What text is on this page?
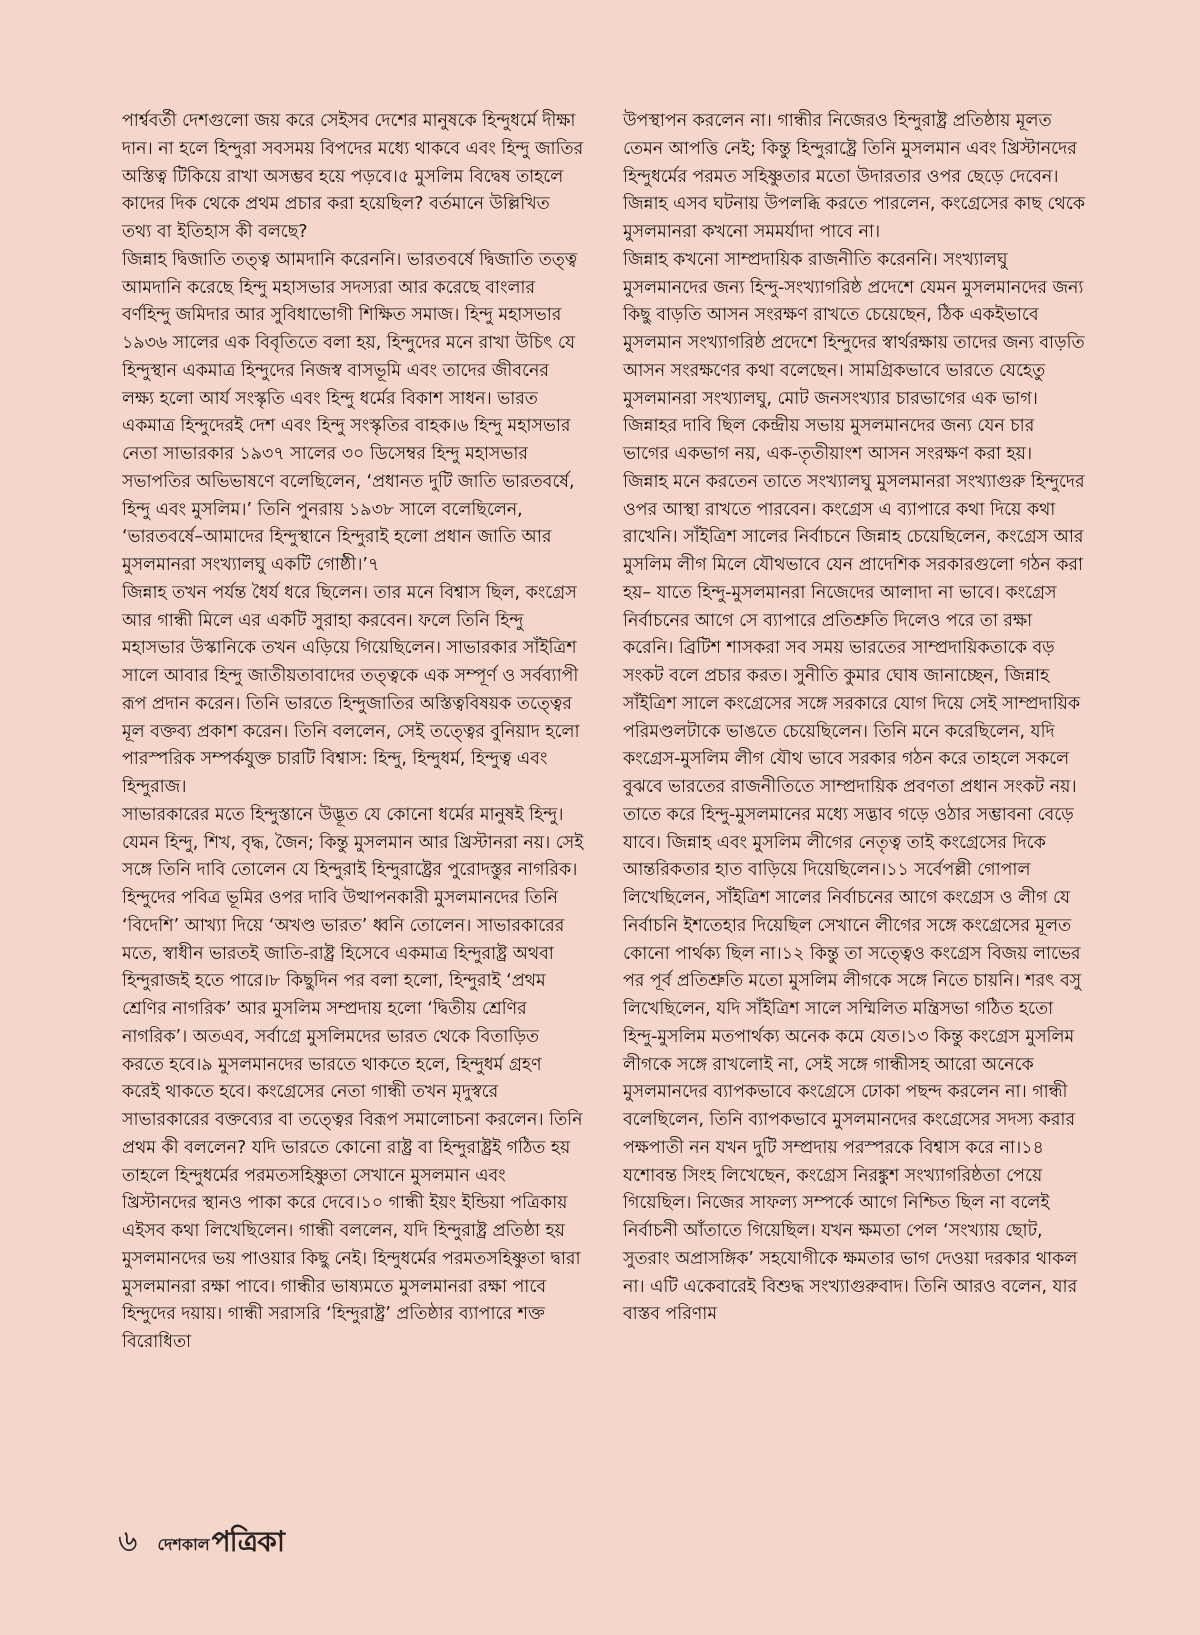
পার্শ্ববর্তী দেশগুলো জয় করে সেইসব দেশের মানুষকে হিন্দুধর্মে দীক্ষা দান। না হলে হিন্দুরা সবসময় বিপদের মধ্যে থাকবে এবং হিন্দু জাতির অস্তিত্ব টিকিয়ে রাখা অসম্ভব হয়ে পড়বে।৫ মুসলিম বিদ্বেষ তাহলে কাদের দিক থেকে প্রথম প্রচার করা হয়েছিল? বর্তমানে উল্লিখিত তথ্য বা ইতিহাস কী বলছে?

জিন্নাহ দ্বিজাতি তত্ত্ব আমদানি করেননি। ভারতবর্ষে দ্বিজাতি তত্ত্ব আমদানি করেছে হিন্দু মহাসভার সদস্যরা আর করেছে বাংলার বর্ণহিন্দু জমিদার আর সুবিধাভোগী শিক্ষিত সমাজ। হিন্দু মহাসভার ১৯৩৬ সালের এক বিবৃতিতে বলা হয়, হিন্দুদের মনে রাখা উচিৎ যে হিন্দুস্থান একমাত্র হিন্দুদের নিজস্ব বাসভূমি এবং তাদের জীবনের লক্ষ্য হলো আর্য সংস্কৃতি এবং হিন্দু ধর্মের বিকাশ সাধন। ভারত একমাত্র হিন্দুদেরই দেশ এবং হিন্দু সংস্কৃতির বাহক।৬ হিন্দু মহাসভার নেতা সাভারকার ১৯৩৭ সালের ৩০ ডিসেম্বর হিন্দু মহাসভার সভাপতির অভিভাষণে বলেছিলেন, ‘প্রধানত দুটি জাতি ভারতবর্ষে, হিন্দু এবং মুসলিম।’ তিনি পুনরায় ১৯৩৮ সালে বলেছিলেন, ‘ভারতবর্ষে–আমাদের হিন্দুস্থানে হিন্দুরাই হলো প্রধান জাতি আর মুসলমানরা সংখ্যালঘু একটি গোষ্ঠী।’৭

জিন্নাহ তখন পর্যন্ত ধৈর্য ধরে ছিলেন। তার মনে বিশ্বাস ছিল, কংগ্রেস আর গান্ধী মিলে এর একটি সুরাহা করবেন। ফলে তিনি হিন্দু মহাসভার উস্কানিকে তখন এড়িয়ে গিয়েছিলেন। সাভারকার সাঁইত্রিশ সালে আবার হিন্দু জাতীয়তাবাদের তত্ত্বকে এক সম্পূর্ণ ও সর্বব্যাপী রূপ প্রদান করেন। তিনি ভারতে হিন্দুজাতির অস্তিত্ববিষয়ক তত্ত্বের মূল বক্তব্য প্রকাশ করেন। তিনি বললেন, সেই তত্ত্বের বুনিয়াদ হলো পারস্পরিক সম্পর্কযুক্ত চারটি বিশ্বাস: হিন্দু, হিন্দুধর্ম, হিন্দুত্ব এবং হিন্দুরাজ।

সাভারকারের মতে হিন্দুস্তানে উদ্ভূত যে কোনো ধর্মের মানুষই হিন্দু। যেমন হিন্দু, শিখ, বৃদ্ধ, জৈন; কিন্তু মুসলমান আর খ্রিস্টানরা নয়। সেই সঙ্গে তিনি দাবি তোলেন যে হিন্দুরাই হিন্দুরাষ্ট্রের পুরোদস্তুর নাগরিক। হিন্দুদের পবিত্র ভূমির ওপর দাবি উত্থাপনকারী মুসলমানদের তিনি ‘বিদেশি’ আখ্যা দিয়ে ‘অখণ্ড ভারত’ ধ্বনি তোলেন। সাভারকারের মতে, স্বাধীন ভারতই জাতি-রাষ্ট্র হিসেবে একমাত্র হিন্দুরাষ্ট্র অথবা হিন্দুরাজই হতে পারে।৮ কিছুদিন পর বলা হলো, হিন্দুরাই ‘প্রথম শ্রেণির নাগরিক’ আর মুসলিম সম্প্রদায় হলো ‘দ্বিতীয় শ্রেণির নাগরিক’। অতএব, সর্বাগ্রে মুসলিমদের ভারত থেকে বিতাড়িত করতে হবে।৯ মুসলমানদের ভারতে থাকতে হলে, হিন্দুধর্ম গ্রহণ করেই থাকতে হবে। কংগ্রেসের নেতা গান্ধী তখন মৃদুস্বরে সাভারকারের বক্তব্যের বা তত্ত্বের বিরূপ সমালোচনা করলেন। তিনি প্রথম কী বললেন? যদি ভারতে কোনো রাষ্ট্র বা হিন্দুরাষ্ট্রই গঠিত হয় তাহলে হিন্দুধর্মের পরমতসহিষ্ণুতা সেখানে মুসলমান এবং খ্রিস্টানদের স্থানও পাকা করে দেবে।১০ গান্ধী ইয়ং ইন্ডিয়া পত্রিকায় এইসব কথা লিখেছিলেন। গান্ধী বললেন, যদি হিন্দুরাষ্ট্র প্রতিষ্ঠা হয় মুসলমানদের ভয় পাওয়ার কিছু নেই। হিন্দুধর্মের পরমতসহিষ্ণুতা দ্বারা মুসলমানরা রক্ষা পাবে। গান্ধীর ভাষ্যমতে মুসলমানরা রক্ষা পাবে হিন্দুদের দয়ায়। গান্ধী সরাসরি ‘হিন্দুরাষ্ট্র’ প্রতিষ্ঠার ব্যাপারে শক্ত বিরোধিতা

উপস্থাপন করলেন না। গান্ধীর নিজেরও হিন্দুরাষ্ট্র প্রতিষ্ঠায় মূলত তেমন আপত্তি নেই; কিন্তু হিন্দুরাষ্ট্রে তিনি মুসলমান এবং খ্রিস্টানদের হিন্দুধর্মের পরমত সহিষ্ণুতার মতো উদারতার ওপর ছেড়ে দেবেন।

জিন্নাহ এসব ঘটনায় উপলব্ধি করতে পারলেন, কংগ্রেসের কাছ থেকে মুসলমানরা কখনো সমমর্যাদা পাবে না।

জিন্নাহ কখনো সাম্প্রদায়িক রাজনীতি করেননি। সংখ্যালঘু মুসলমানদের জন্য হিন্দু-সংখ্যাগরিষ্ঠ প্রদেশে যেমন মুসলমানদের জন্য কিছু বাড়তি আসন সংরক্ষণ রাখতে চেয়েছেন, ঠিক একইভাবে মুসলমান সংখ্যাগরিষ্ঠ প্রদেশে হিন্দুদের স্বার্থরক্ষায় তাদের জন্য বাড়তি আসন সংরক্ষণের কথা বলেছেন। সামগ্রিকভাবে ভারতে যেহেতু মুসলমানরা সংখ্যালঘু, মোট জনসংখ্যার চারভাগের এক ভাগ। জিন্নাহর দাবি ছিল কেন্দ্রীয় সভায় মুসলমানদের জন্য যেন চার ভাগের একভাগ নয়, এক-তৃতীয়াংশ আসন সংরক্ষণ করা হয়।

জিন্নাহ মনে করতেন তাতে সংখ্যালঘু মুসলমানরা সংখ্যাগুরু হিন্দুদের ওপর আস্থা রাখতে পারবেন। কংগ্রেস এ ব্যাপারে কথা দিয়ে কথা রাখেনি। সাঁইত্রিশ সালের নির্বাচনে জিন্নাহ চেয়েছিলেন, কংগ্রেস আর মুসলিম লীগ মিলে যৌথভাবে যেন প্রাদেশিক সরকারগুলো গঠন করা হয়– যাতে হিন্দু-মুসলমানরা নিজেদের আলাদা না ভাবে। কংগ্রেস নির্বাচনের আগে সে ব্যাপারে প্রতিশ্রুতি দিলেও পরে তা রক্ষা করেনি। ব্রিটিশ শাসকরা সব সময় ভারতের সাম্প্রদায়িকতাকে বড় সংকট বলে প্রচার করত। সুনীতি কুমার ঘোষ জানাচ্ছেন, জিন্নাহ সাঁইত্রিশ সালে কংগ্রেসের সঙ্গে সরকারে যোগ দিয়ে সেই সাম্প্রদায়িক পরিমণ্ডলটাকে ভাঙতে চেয়েছিলেন। তিনি মনে করেছিলেন, যদি কংগ্রেস-মুসলিম লীগ যৌথ ভাবে সরকার গঠন করে তাহলে সকলে বুঝবে ভারতের রাজনীতিতে সাম্প্রদায়িক প্রবণতা প্রধান সংকট নয়। তাতে করে হিন্দু-মুসলমানের মধ্যে সদ্ভাব গড়ে ওঠার সম্ভাবনা বেড়ে যাবে। জিন্নাহ এবং মুসলিম লীগের নেতৃত্ব তাই কংগ্রেসের দিকে আন্তরিকতার হাত বাড়িয়ে দিয়েছিলেন।১১ সর্বেপল্লী গোপাল লিখেছিলেন, সাঁইত্রিশ সালের নির্বাচনের আগে কংগ্রেস ও লীগ যে নির্বাচনি ইশতেহার দিয়েছিল সেখানে লীগের সঙ্গে কংগ্রেসের মূলত কোনো পার্থক্য ছিল না।১২ কিন্তু তা সত্ত্বেও কংগ্রেস বিজয় লাভের পর পূর্ব প্রতিশ্রুতি মতো মুসলিম লীগকে সঙ্গে নিতে চায়নি। শরৎ বসু লিখেছিলেন, যদি সাঁইত্রিশ সালে সম্মিলিত মন্ত্রিসভা গঠিত হতো হিন্দু-মুসলিম মতপার্থক্য অনেক কমে যেত।১৩ কিন্তু কংগ্রেস মুসলিম লীগকে সঙ্গে রাখলোই না, সেই সঙ্গে গান্ধীসহ আরো অনেকে মুসলমানদের ব্যাপকভাবে কংগ্রেসে ঢোকা পছন্দ করলেন না। গান্ধী বলেছিলেন, তিনি ব্যাপকভাবে মুসলমানদের কংগ্রেসের সদস্য করার পক্ষপাতী নন যখন দুটি সম্প্রদায় পরস্পরকে বিশ্বাস করে না।১৪ যশোবন্ত সিংহ লিখেছেন, কংগ্রেস নিরঙ্কুশ সংখ্যাগরিষ্ঠতা পেয়ে গিয়েছিল। নিজের সাফল্য সম্পর্কে আগে নিশ্চিত ছিল না বলেই নির্বাচনী আঁতাতে গিয়েছিল। যখন ক্ষমতা পেল ‘সংখ্যায় ছোট, সুতরাং অপ্রাসঙ্গিক’ সহযোগীকে ক্ষমতার ভাগ দেওয়া দরকার থাকল না। এটি একেবারেই বিশুদ্ধ সংখ্যাগুরুবাদ। তিনি আরও বলেন, যার বাস্তব পরিণাম

৬ দেশকাল পত্রিকা
